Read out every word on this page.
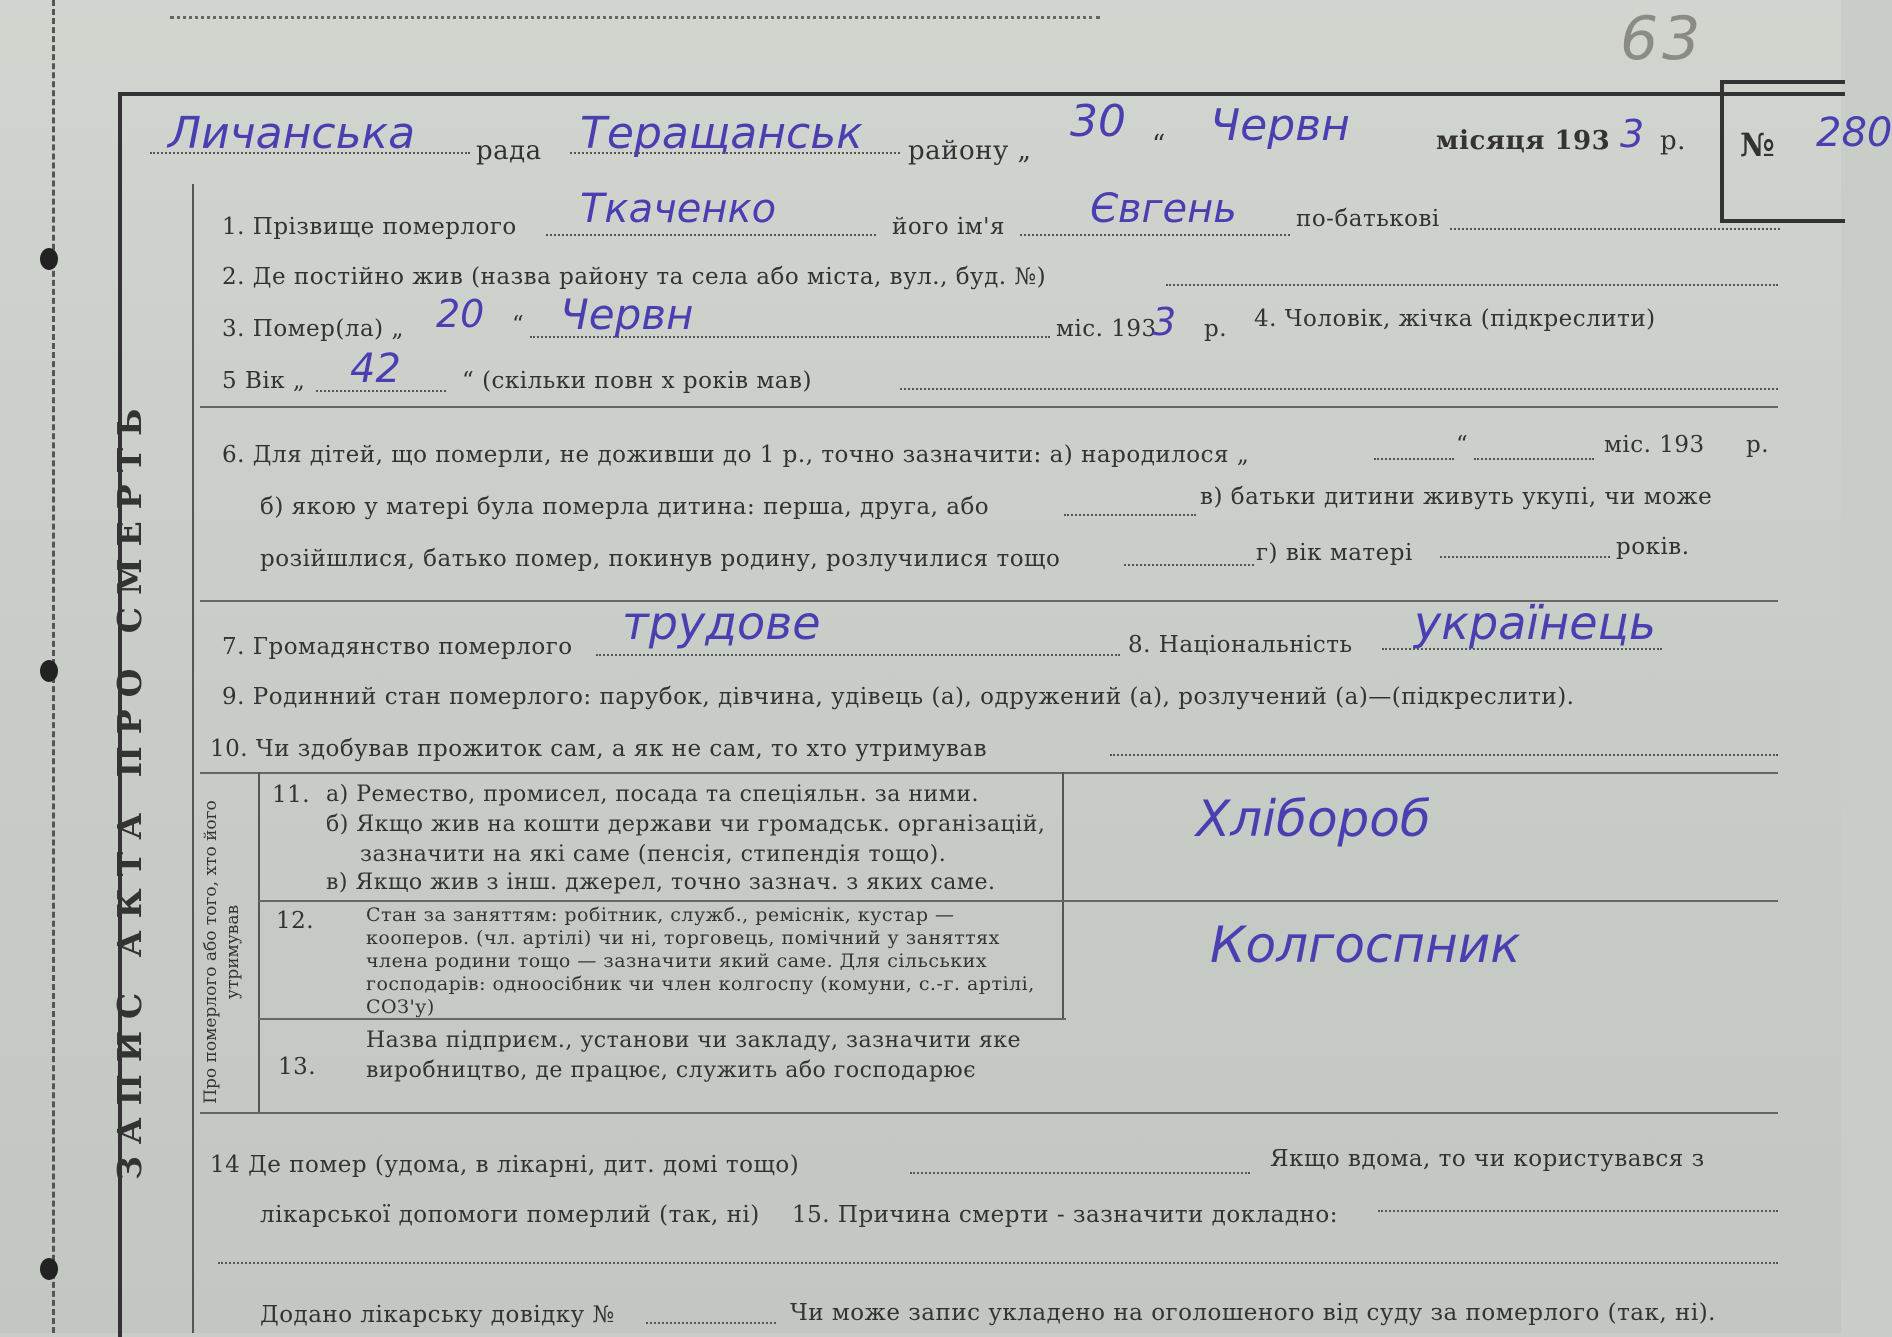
63
№ 280
ЗАПИС АКТА ПРО СМЕРТЬ
Личанська рада Теращанськ району „
30 “ Червн	місяця 193 3 р.
1. Прізвище померлого Ткаченко	його ім'я Євгень	по-батькові
2. Де постійно жив (назва району та села або міста, вул., буд. №)
3. Помер(ла) „ 20 “ Червн	міс. 193
3 р. 4. Чоловік, жічка (підкреслити)
5 Вік „ 42	“ (скільки повн х років мав)
6. Для дітей, що померли, не доживши до 1 р., точно зазначити: а) народилося „	“	міс. 193 р.
б) якою у матері була померла дитина: перша, друга, або	в) батьки дитини живуть укупі, чи може
розійшлися, батько помер, покинув родину, розлучилися тощо	г) вік матері	років.
7. Громадянство померлого трудове	8. Національність українець
9. Родинний стан померлого: парубок, дівчина, удівець (а), одружений (а), розлучений (а)—(підкреслити).
10. Чи здобував прожиток сам, а як не сам, то хто утримував
Про померлого або того, хто його утримував
11. а) Ремество, промисел, посада та спеціяльн. за ними.
б) Якщо жив на кошти держави чи громадськ. організацій,
зазначити на які саме (пенсія, стипендія тощо).
в) Якщо жив з інш. джерел, точно зазнач. з яких саме.
Хлібороб
12.	Стан за заняттям: робітник, служб., реміснік, кустар — кооперов. (чл. артілі) чи ні, торговець, помічний у заняттях члена родини тощо — зазначити який саме. Для сільських господарів: одноосібник чи член колгоспу (комуни, с.-г. артілі, СОЗ'у)
Колгоспник
13.
Назва підприєм., установи чи закладу, зазначити яке виробництво, де працює, служить або господарює
14 Де помер (удома, в лікарні, дит. домі тощо)	Якщо вдома, то чи користувався з
лікарської допомоги померлий (так, ні) 15. Причина смерти - зазначити докладно:
Додано лікарську довідку №	Чи може запис укладено на оголошеного від суду за померлого (так, ні).
